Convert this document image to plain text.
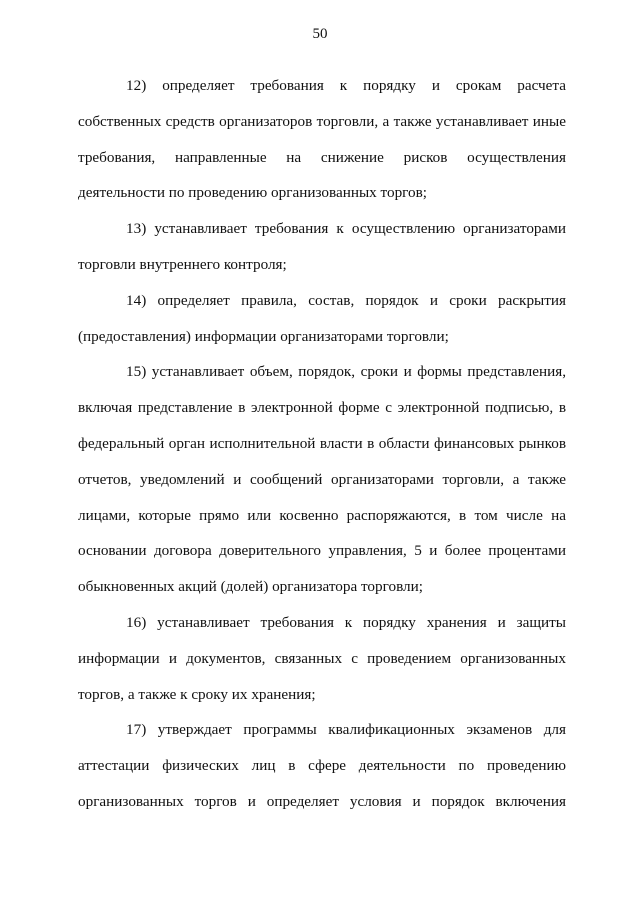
50

12) определяет требования к порядку и срокам расчета собственных средств организаторов торговли, а также устанавливает иные требования, направленные на снижение рисков осуществления деятельности по проведению организованных торгов;

13) устанавливает требования к осуществлению организаторами торговли внутреннего контроля;

14) определяет правила, состав, порядок и сроки раскрытия (предоставления) информации организаторами торговли;

15) устанавливает объем, порядок, сроки и формы представления, включая представление в электронной форме с электронной подписью, в федеральный орган исполнительной власти в области финансовых рынков отчетов, уведомлений и сообщений организаторами торговли, а также лицами, которые прямо или косвенно распоряжаются, в том числе на основании договора доверительного управления, 5 и более процентами обыкновенных акций (долей) организатора торговли;

16) устанавливает требования к порядку хранения и защиты информации и документов, связанных с проведением организованных торгов, а также к сроку их хранения;

17) утверждает программы квалификационных экзаменов для аттестации физических лиц в сфере деятельности по проведению организованных торгов и определяет условия и порядок включения
